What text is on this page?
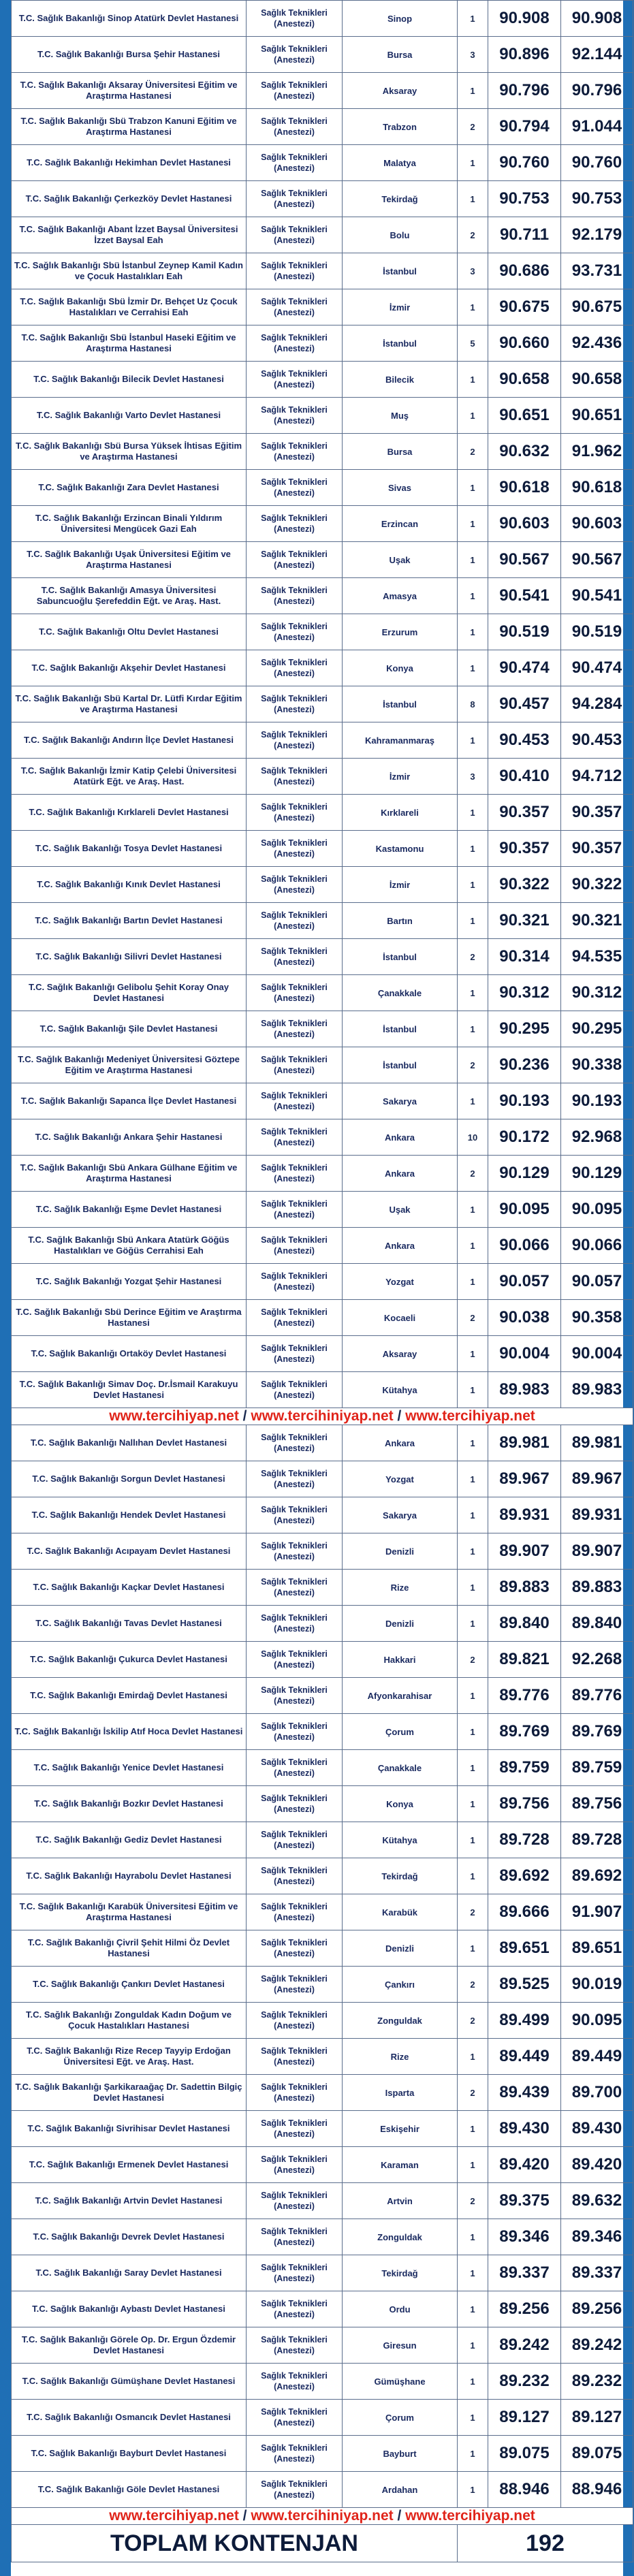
T.C. Sağlık Bakanlığı Sinop Atatürk Devlet Hastanesi	Sağlık Teknikleri (Anestezi)	Sinop	1	90.908	90.908
T.C. Sağlık Bakanlığı Bursa Şehir Hastanesi	Sağlık Teknikleri (Anestezi)	Bursa	3	90.896	92.144
T.C. Sağlık Bakanlığı Aksaray Üniversitesi Eğitim ve Araştırma Hastanesi	Sağlık Teknikleri (Anestezi)	Aksaray	1	90.796	90.796
T.C. Sağlık Bakanlığı Sbü Trabzon Kanuni Eğitim ve Araştırma Hastanesi	Sağlık Teknikleri (Anestezi)	Trabzon	2	90.794	91.044
T.C. Sağlık Bakanlığı Hekimhan Devlet Hastanesi	Sağlık Teknikleri (Anestezi)	Malatya	1	90.760	90.760
T.C. Sağlık Bakanlığı Çerkezköy Devlet Hastanesi	Sağlık Teknikleri (Anestezi)	Tekirdağ	1	90.753	90.753
T.C. Sağlık Bakanlığı Abant İzzet Baysal Üniversitesi İzzet Baysal Eah	Sağlık Teknikleri (Anestezi)	Bolu	2	90.711	92.179
T.C. Sağlık Bakanlığı Sbü İstanbul Zeynep Kamil Kadın ve Çocuk Hastalıkları Eah	Sağlık Teknikleri (Anestezi)	İstanbul	3	90.686	93.731
T.C. Sağlık Bakanlığı Sbü İzmir Dr. Behçet Uz Çocuk Hastalıkları ve Cerrahisi Eah	Sağlık Teknikleri (Anestezi)	İzmir	1	90.675	90.675
T.C. Sağlık Bakanlığı Sbü İstanbul Haseki Eğitim ve Araştırma Hastanesi	Sağlık Teknikleri (Anestezi)	İstanbul	5	90.660	92.436
T.C. Sağlık Bakanlığı Bilecik Devlet Hastanesi	Sağlık Teknikleri (Anestezi)	Bilecik	1	90.658	90.658
T.C. Sağlık Bakanlığı Varto Devlet Hastanesi	Sağlık Teknikleri (Anestezi)	Muş	1	90.651	90.651
T.C. Sağlık Bakanlığı Sbü Bursa Yüksek İhtisas Eğitim ve Araştırma Hastanesi	Sağlık Teknikleri (Anestezi)	Bursa	2	90.632	91.962
T.C. Sağlık Bakanlığı Zara Devlet Hastanesi	Sağlık Teknikleri (Anestezi)	Sivas	1	90.618	90.618
T.C. Sağlık Bakanlığı Erzincan Binali Yıldırım Üniversitesi Mengücek Gazi Eah	Sağlık Teknikleri (Anestezi)	Erzincan	1	90.603	90.603
T.C. Sağlık Bakanlığı Uşak Üniversitesi Eğitim ve Araştırma Hastanesi	Sağlık Teknikleri (Anestezi)	Uşak	1	90.567	90.567
T.C. Sağlık Bakanlığı Amasya Üniversitesi Sabuncuoğlu Şerefeddin Eğt. ve Araş. Hast.	Sağlık Teknikleri (Anestezi)	Amasya	1	90.541	90.541
T.C. Sağlık Bakanlığı Oltu Devlet Hastanesi	Sağlık Teknikleri (Anestezi)	Erzurum	1	90.519	90.519
T.C. Sağlık Bakanlığı Akşehir Devlet Hastanesi	Sağlık Teknikleri (Anestezi)	Konya	1	90.474	90.474
T.C. Sağlık Bakanlığı Sbü Kartal Dr. Lütfi Kırdar Eğitim ve Araştırma Hastanesi	Sağlık Teknikleri (Anestezi)	İstanbul	8	90.457	94.284
T.C. Sağlık Bakanlığı Andırın İlçe Devlet Hastanesi	Sağlık Teknikleri (Anestezi)	Kahramanmaraş	1	90.453	90.453
T.C. Sağlık Bakanlığı İzmir Katip Çelebi Üniversitesi Atatürk Eğt. ve Araş. Hast.	Sağlık Teknikleri (Anestezi)	İzmir	3	90.410	94.712
T.C. Sağlık Bakanlığı Kırklareli Devlet Hastanesi	Sağlık Teknikleri (Anestezi)	Kırklareli	1	90.357	90.357
T.C. Sağlık Bakanlığı Tosya Devlet Hastanesi	Sağlık Teknikleri (Anestezi)	Kastamonu	1	90.357	90.357
T.C. Sağlık Bakanlığı Kınık Devlet Hastanesi	Sağlık Teknikleri (Anestezi)	İzmir	1	90.322	90.322
T.C. Sağlık Bakanlığı Bartın Devlet Hastanesi	Sağlık Teknikleri (Anestezi)	Bartın	1	90.321	90.321
T.C. Sağlık Bakanlığı Silivri Devlet Hastanesi	Sağlık Teknikleri (Anestezi)	İstanbul	2	90.314	94.535
T.C. Sağlık Bakanlığı Gelibolu Şehit Koray Onay Devlet Hastanesi	Sağlık Teknikleri (Anestezi)	Çanakkale	1	90.312	90.312
T.C. Sağlık Bakanlığı Şile Devlet Hastanesi	Sağlık Teknikleri (Anestezi)	İstanbul	1	90.295	90.295
T.C. Sağlık Bakanlığı Medeniyet Üniversitesi Göztepe Eğitim ve Araştırma Hastanesi	Sağlık Teknikleri (Anestezi)	İstanbul	2	90.236	90.338
T.C. Sağlık Bakanlığı Sapanca İlçe Devlet Hastanesi	Sağlık Teknikleri (Anestezi)	Sakarya	1	90.193	90.193
T.C. Sağlık Bakanlığı Ankara Şehir Hastanesi	Sağlık Teknikleri (Anestezi)	Ankara	10	90.172	92.968
T.C. Sağlık Bakanlığı Sbü Ankara Gülhane Eğitim ve Araştırma Hastanesi	Sağlık Teknikleri (Anestezi)	Ankara	2	90.129	90.129
T.C. Sağlık Bakanlığı Eşme Devlet Hastanesi	Sağlık Teknikleri (Anestezi)	Uşak	1	90.095	90.095
T.C. Sağlık Bakanlığı Sbü Ankara Atatürk Göğüs Hastalıkları ve Göğüs Cerrahisi Eah	Sağlık Teknikleri (Anestezi)	Ankara	1	90.066	90.066
T.C. Sağlık Bakanlığı Yozgat Şehir Hastanesi	Sağlık Teknikleri (Anestezi)	Yozgat	1	90.057	90.057
T.C. Sağlık Bakanlığı Sbü Derince Eğitim ve Araştırma Hastanesi	Sağlık Teknikleri (Anestezi)	Kocaeli	2	90.038	90.358
T.C. Sağlık Bakanlığı Ortaköy Devlet Hastanesi	Sağlık Teknikleri (Anestezi)	Aksaray	1	90.004	90.004
T.C. Sağlık Bakanlığı Simav Doç. Dr.İsmail Karakuyu Devlet Hastanesi	Sağlık Teknikleri (Anestezi)	Kütahya	1	89.983	89.983
www.tercihiyap.net / www.tercihiniyap.net / www.tercihiyap.net					
T.C. Sağlık Bakanlığı Nallıhan Devlet Hastanesi	Sağlık Teknikleri (Anestezi)	Ankara	1	89.981	89.981
T.C. Sağlık Bakanlığı Sorgun Devlet Hastanesi	Sağlık Teknikleri (Anestezi)	Yozgat	1	89.967	89.967
T.C. Sağlık Bakanlığı Hendek Devlet Hastanesi	Sağlık Teknikleri (Anestezi)	Sakarya	1	89.931	89.931
T.C. Sağlık Bakanlığı Acıpayam Devlet Hastanesi	Sağlık Teknikleri (Anestezi)	Denizli	1	89.907	89.907
T.C. Sağlık Bakanlığı Kaçkar Devlet Hastanesi	Sağlık Teknikleri (Anestezi)	Rize	1	89.883	89.883
T.C. Sağlık Bakanlığı Tavas Devlet Hastanesi	Sağlık Teknikleri (Anestezi)	Denizli	1	89.840	89.840
T.C. Sağlık Bakanlığı Çukurca Devlet Hastanesi	Sağlık Teknikleri (Anestezi)	Hakkari	2	89.821	92.268
T.C. Sağlık Bakanlığı Emirdağ Devlet Hastanesi	Sağlık Teknikleri (Anestezi)	Afyonkarahisar	1	89.776	89.776
T.C. Sağlık Bakanlığı İskilip Atıf Hoca Devlet Hastanesi	Sağlık Teknikleri (Anestezi)	Çorum	1	89.769	89.769
T.C. Sağlık Bakanlığı Yenice Devlet Hastanesi	Sağlık Teknikleri (Anestezi)	Çanakkale	1	89.759	89.759
T.C. Sağlık Bakanlığı Bozkır Devlet Hastanesi	Sağlık Teknikleri (Anestezi)	Konya	1	89.756	89.756
T.C. Sağlık Bakanlığı Gediz Devlet Hastanesi	Sağlık Teknikleri (Anestezi)	Kütahya	1	89.728	89.728
T.C. Sağlık Bakanlığı Hayrabolu Devlet Hastanesi	Sağlık Teknikleri (Anestezi)	Tekirdağ	1	89.692	89.692
T.C. Sağlık Bakanlığı Karabük Üniversitesi Eğitim ve Araştırma Hastanesi	Sağlık Teknikleri (Anestezi)	Karabük	2	89.666	91.907
T.C. Sağlık Bakanlığı Çivril Şehit Hilmi Öz Devlet Hastanesi	Sağlık Teknikleri (Anestezi)	Denizli	1	89.651	89.651
T.C. Sağlık Bakanlığı Çankırı Devlet Hastanesi	Sağlık Teknikleri (Anestezi)	Çankırı	2	89.525	90.019
T.C. Sağlık Bakanlığı Zonguldak Kadın Doğum ve Çocuk Hastalıkları Hastanesi	Sağlık Teknikleri (Anestezi)	Zonguldak	2	89.499	90.095
T.C. Sağlık Bakanlığı Rize Recep Tayyip Erdoğan Üniversitesi Eğt. ve Araş. Hast.	Sağlık Teknikleri (Anestezi)	Rize	1	89.449	89.449
T.C. Sağlık Bakanlığı Şarkikaraağaç Dr. Sadettin Bilgiç Devlet Hastanesi	Sağlık Teknikleri (Anestezi)	Isparta	2	89.439	89.700
T.C. Sağlık Bakanlığı Sivrihisar Devlet Hastanesi	Sağlık Teknikleri (Anestezi)	Eskişehir	1	89.430	89.430
T.C. Sağlık Bakanlığı Ermenek Devlet Hastanesi	Sağlık Teknikleri (Anestezi)	Karaman	1	89.420	89.420
T.C. Sağlık Bakanlığı Artvin Devlet Hastanesi	Sağlık Teknikleri (Anestezi)	Artvin	2	89.375	89.632
T.C. Sağlık Bakanlığı Devrek Devlet Hastanesi	Sağlık Teknikleri (Anestezi)	Zonguldak	1	89.346	89.346
T.C. Sağlık Bakanlığı Saray Devlet Hastanesi	Sağlık Teknikleri (Anestezi)	Tekirdağ	1	89.337	89.337
T.C. Sağlık Bakanlığı Aybastı Devlet Hastanesi	Sağlık Teknikleri (Anestezi)	Ordu	1	89.256	89.256
T.C. Sağlık Bakanlığı Görele Op. Dr. Ergun Özdemir Devlet Hastanesi	Sağlık Teknikleri (Anestezi)	Giresun	1	89.242	89.242
T.C. Sağlık Bakanlığı Gümüşhane Devlet Hastanesi	Sağlık Teknikleri (Anestezi)	Gümüşhane	1	89.232	89.232
T.C. Sağlık Bakanlığı Osmancık Devlet Hastanesi	Sağlık Teknikleri (Anestezi)	Çorum	1	89.127	89.127
T.C. Sağlık Bakanlığı Bayburt Devlet Hastanesi	Sağlık Teknikleri (Anestezi)	Bayburt	1	89.075	89.075
T.C. Sağlık Bakanlığı Göle Devlet Hastanesi	Sağlık Teknikleri (Anestezi)	Ardahan	1	88.946	88.946
www.tercihiyap.net / www.tercihiniyap.net / www.tercihiyap.net					
TOPLAM KONTENJAN			192		
